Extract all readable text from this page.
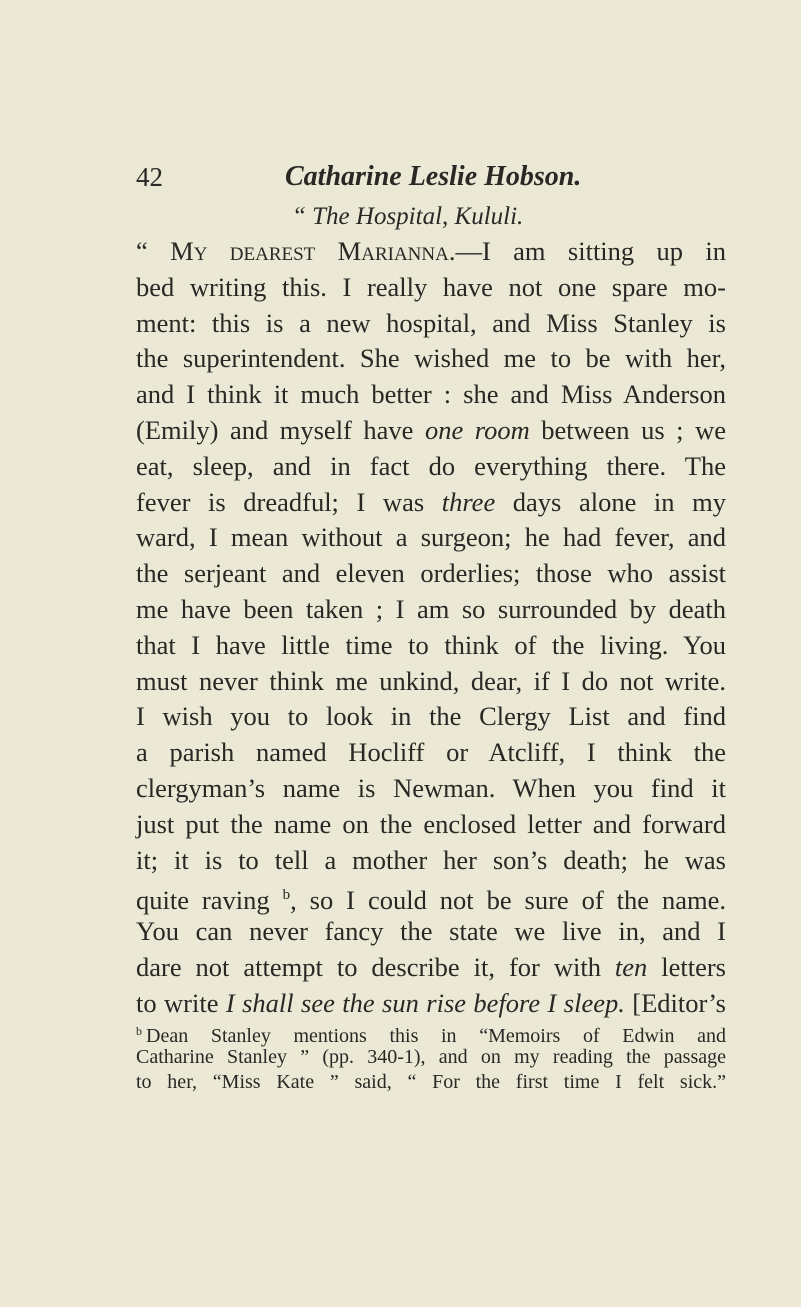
42	Catharine Leslie Hobson.
“ The Hospital, Kululi.
“ My dearest Marianna.—I am sitting up in
bed writing this. I really have not one spare mo-
ment: this is a new hospital, and Miss Stanley is
the superintendent. She wished me to be with her,
and I think it much better : she and Miss Anderson
(Emily) and myself have one room between us ; we
eat, sleep, and in fact do everything there. The
fever is dreadful; I was three days alone in my
ward, I mean without a surgeon; he had fever, and
the serjeant and eleven orderlies; those who assist
me have been taken ; I am so surrounded by death
that I have little time to think of the living. You
must never think me unkind, dear, if I do not write.
I wish you to look in the Clergy List and find
a parish named Hocliff or Atcliff, I think the
clergyman’s name is Newman. When you find it
just put the name on the enclosed letter and forward
it; it is to tell a mother her son’s death; he was
quite raving $^b$, so I could not be sure of the name.
You can never fancy the state we live in, and I
dare not attempt to describe it, for with ten letters
to write I shall see the sun rise before I sleep. [Editor’s
$^b$ Dean Stanley mentions this in “Memoirs of Edwin and
Catharine Stanley ” (pp. 340-1), and on my reading the passage
to her, “Miss Kate ” said, “ For the first time I felt sick.”
